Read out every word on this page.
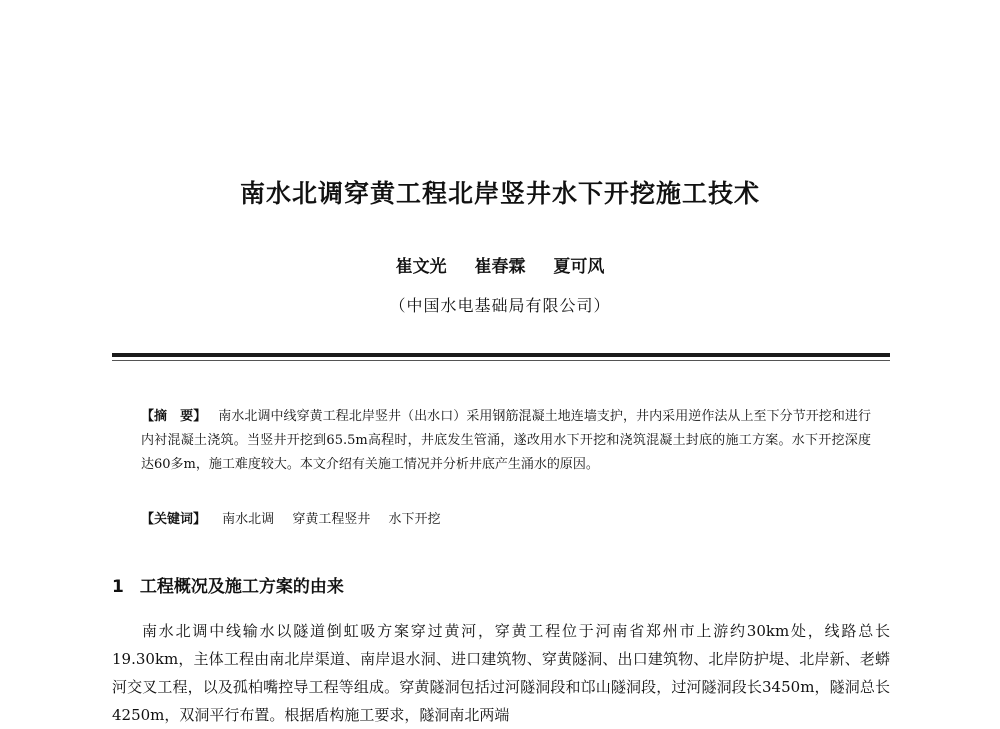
南水北调穿黄工程北岸竖井水下开挖施工技术
崔文光 崔春霖 夏可风
（中国水电基础局有限公司）
【摘　要】 南水北调中线穿黄工程北岸竖井（出水口）采用钢筋混凝土地连墙支护，井内采用逆作法从上至下分节开挖和进行内衬混凝土浇筑。当竖井开挖到65.5m高程时，井底发生管涌，遂改用水下开挖和浇筑混凝土封底的施工方案。水下开挖深度达60多m，施工难度较大。本文介绍有关施工情况并分析井底产生涌水的原因。
【关键词】 南水北调 穿黄工程竖井 水下开挖
1 工程概况及施工方案的由来
南水北调中线输水以隧道倒虹吸方案穿过黄河，穿黄工程位于河南省郑州市上游约30km处，线路总长19.30km，主体工程由南北岸渠道、南岸退水洞、进口建筑物、穿黄隧洞、出口建筑物、北岸防护堤、北岸新、老蟒河交叉工程，以及孤柏嘴控导工程等组成。穿黄隧洞包括过河隧洞段和邙山隧洞段，过河隧洞段长3450m，隧洞总长4250m，双洞平行布置。根据盾构施工要求，隧洞南北两端
